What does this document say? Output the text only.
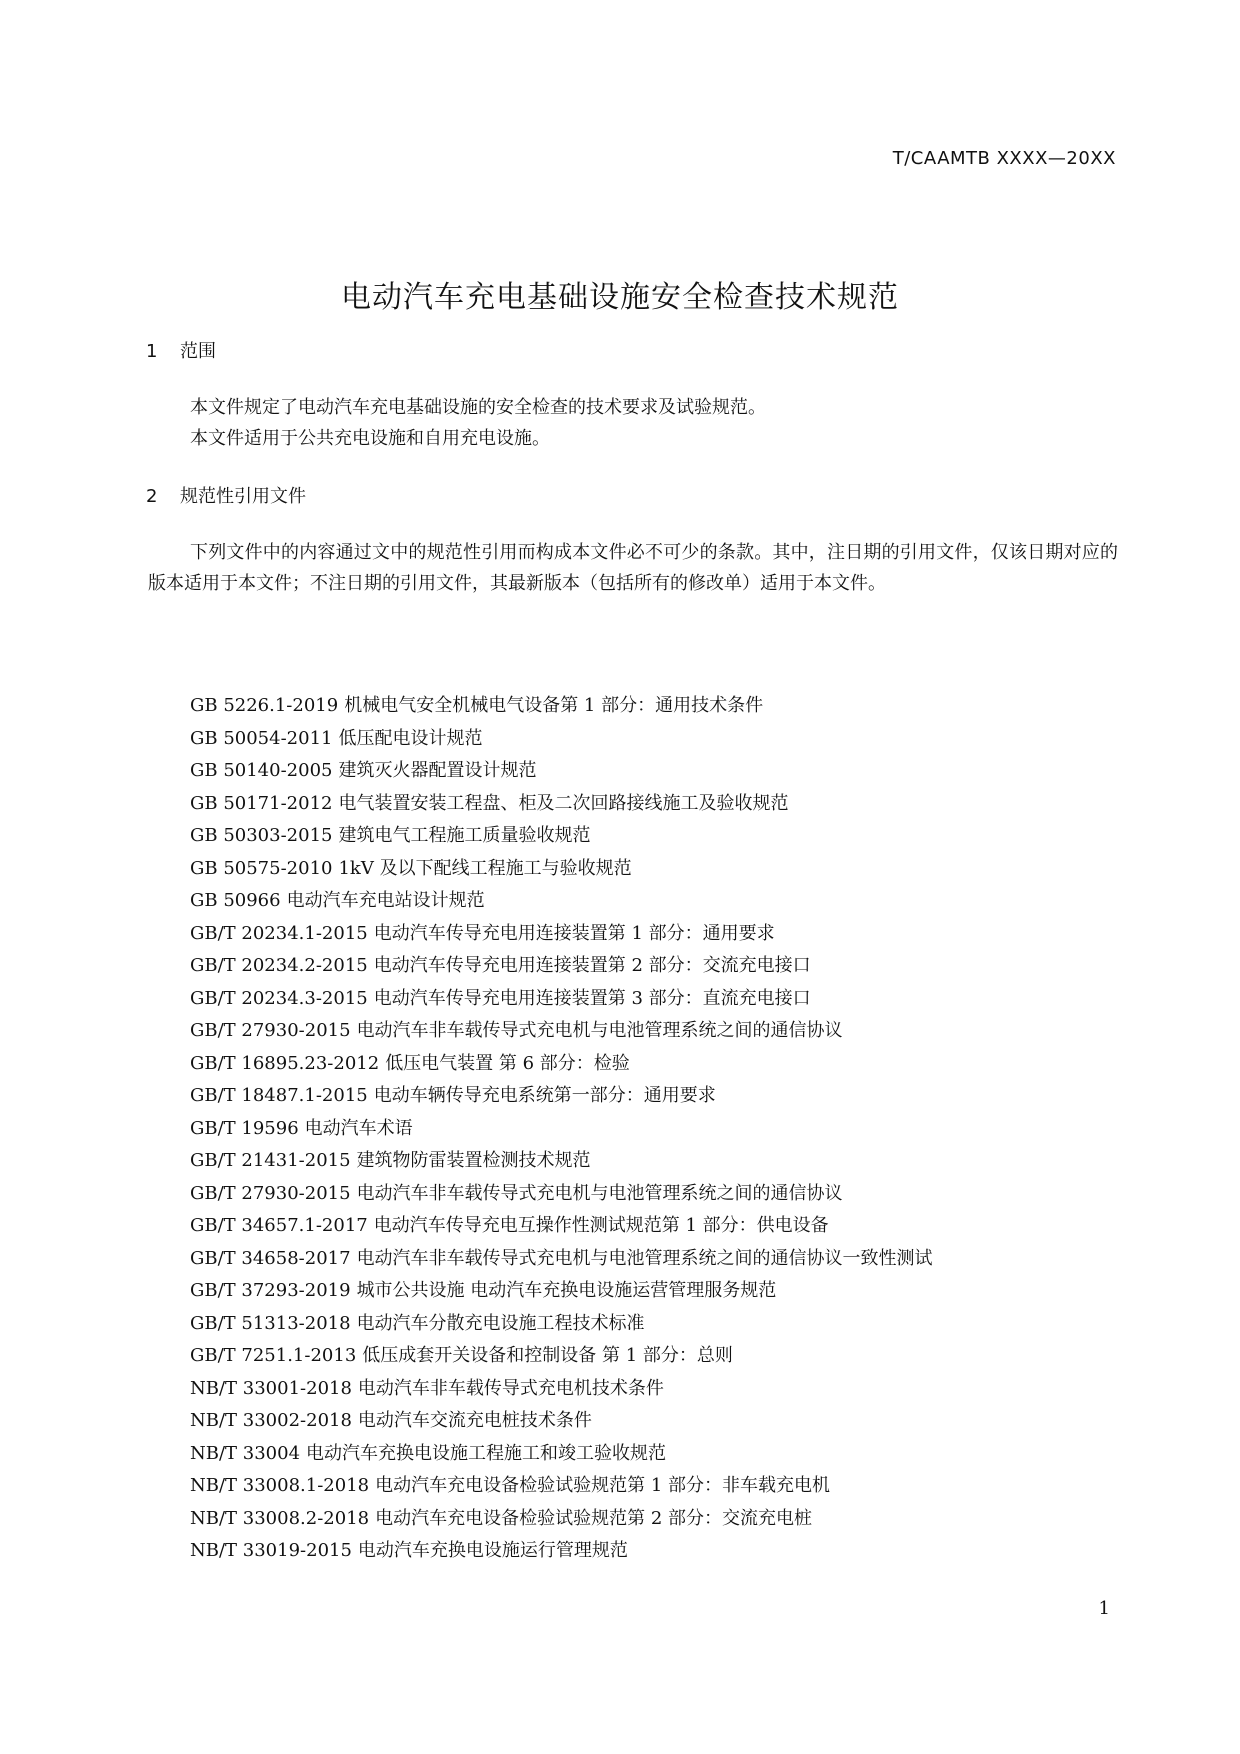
T/CAAMTB XXXX—20XX
电动汽车充电基础设施安全检查技术规范
1 范围

本文件规定了电动汽车充电基础设施的安全检查的技术要求及试验规范。

本文件适用于公共充电设施和自用充电设施。

2 规范性引用文件

下列文件中的内容通过文中的规范性引用而构成本文件必不可少的条款。其中，注日期的引用文件，仅该日期对应的版本适用于本文件；不注日期的引用文件，其最新版本（包括所有的修改单）适用于本文件。

GB 5226.1-2019 机械电气安全机械电气设备第 1 部分：通用技术条件
GB 50054-2011 低压配电设计规范
GB 50140-2005 建筑灭火器配置设计规范
GB 50171-2012 电气装置安装工程盘、柜及二次回路接线施工及验收规范
GB 50303-2015 建筑电气工程施工质量验收规范
GB 50575-2010 1kV 及以下配线工程施工与验收规范
GB 50966 电动汽车充电站设计规范
GB/T 20234.1-2015 电动汽车传导充电用连接装置第 1 部分：通用要求
GB/T 20234.2-2015 电动汽车传导充电用连接装置第 2 部分：交流充电接口
GB/T 20234.3-2015 电动汽车传导充电用连接装置第 3 部分：直流充电接口
GB/T 27930-2015 电动汽车非车载传导式充电机与电池管理系统之间的通信协议
GB/T 16895.23-2012 低压电气装置 第 6 部分：检验
GB/T 18487.1-2015 电动车辆传导充电系统第一部分：通用要求
GB/T 19596 电动汽车术语
GB/T 21431-2015 建筑物防雷装置检测技术规范
GB/T 27930-2015 电动汽车非车载传导式充电机与电池管理系统之间的通信协议
GB/T 34657.1-2017 电动汽车传导充电互操作性测试规范第 1 部分：供电设备
GB/T 34658-2017 电动汽车非车载传导式充电机与电池管理系统之间的通信协议一致性测试
GB/T 37293-2019 城市公共设施 电动汽车充换电设施运营管理服务规范
GB/T 51313-2018 电动汽车分散充电设施工程技术标准
GB/T 7251.1-2013 低压成套开关设备和控制设备 第 1 部分：总则
NB/T 33001-2018 电动汽车非车载传导式充电机技术条件
NB/T 33002-2018 电动汽车交流充电桩技术条件
NB/T 33004 电动汽车充换电设施工程施工和竣工验收规范
NB/T 33008.1-2018 电动汽车充电设备检验试验规范第 1 部分：非车载充电机
NB/T 33008.2-2018 电动汽车充电设备检验试验规范第 2 部分：交流充电桩
NB/T 33019-2015 电动汽车充换电设施运行管理规范
1
